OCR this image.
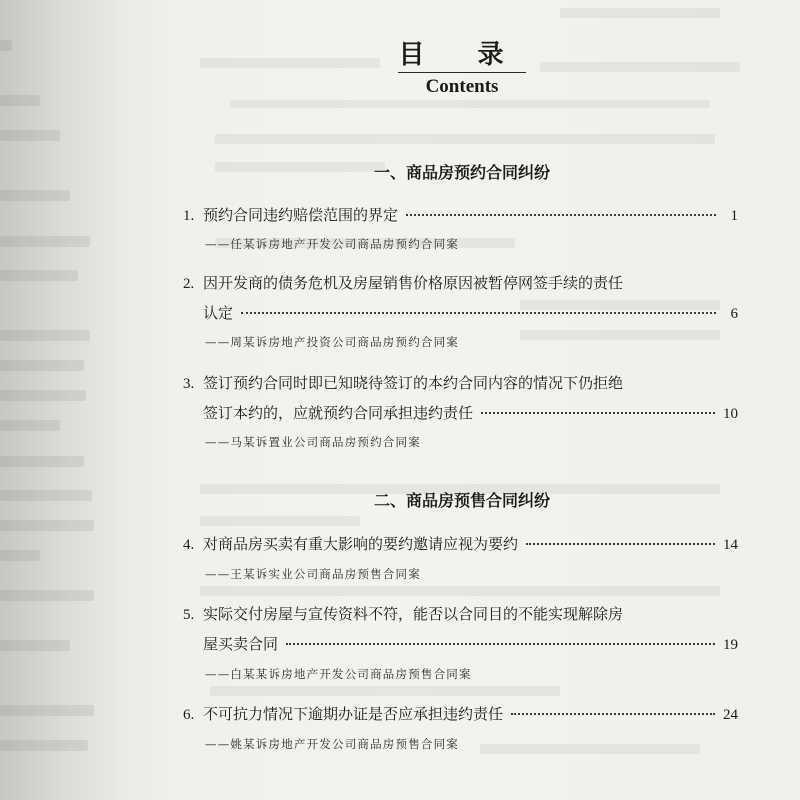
目 录
Contents
一、商品房预约合同纠纷
1. 预约合同违约赔偿范围的界定	1
——任某诉房地产开发公司商品房预约合同案
2. 因开发商的债务危机及房屋销售价格原因被暂停网签手续的责任
认定	6
——周某诉房地产投资公司商品房预约合同案
3. 签订预约合同时即已知晓待签订的本约合同内容的情况下仍拒绝
签订本约的，应就预约合同承担违约责任	10
——马某诉置业公司商品房预约合同案
二、商品房预售合同纠纷
4. 对商品房买卖有重大影响的要约邀请应视为要约	14
——王某诉实业公司商品房预售合同案
5. 实际交付房屋与宣传资料不符，能否以合同目的不能实现解除房
屋买卖合同	19
——白某某诉房地产开发公司商品房预售合同案
6. 不可抗力情况下逾期办证是否应承担违约责任	24
——姚某诉房地产开发公司商品房预售合同案
